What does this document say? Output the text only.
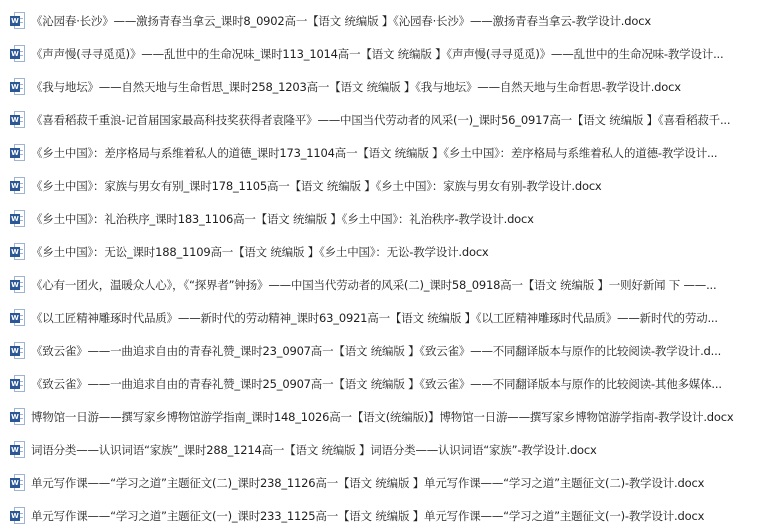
W 《沁园春·长沙》——激扬青春当拿云_课时8_0902高一【语文 统编版 】《沁园春·长沙》——激扬青春当拿云-教学设计.docx
W 《声声慢(寻寻觅觅)》——乱世中的生命况味_课时113_1014高一【语文 统编版 】《声声慢(寻寻觅觅)》——乱世中的生命况味-教学设计...
W 《我与地坛》——自然天地与生命哲思_课时258_1203高一【语文 统编版 】《我与地坛》——自然天地与生命哲思-教学设计.docx
W 《喜看稻菽千重浪-记首届国家最高科技奖获得者袁隆平》——中国当代劳动者的风采(一)_课时56_0917高一【语文 统编版 】《喜看稻菽千...
W 《乡土中国》：差序格局与系维着私人的道德_课时173_1104高一【语文 统编版 】《乡土中国》：差序格局与系维着私人的道德-教学设计...
W 《乡土中国》：家族与男女有别_课时178_1105高一【语文 统编版 】《乡土中国》：家族与男女有别-教学设计.docx
W 《乡土中国》：礼治秩序_课时183_1106高一【语文 统编版 】《乡土中国》：礼治秩序-教学设计.docx
W 《乡土中国》：无讼_课时188_1109高一【语文 统编版 】《乡土中国》：无讼-教学设计.docx
W 《心有一团火，温暖众人心》，《“探界者”钟扬》——中国当代劳动者的风采(二)_课时58_0918高一【语文 统编版 】一则好新闻 下 ——...
W 《以工匠精神雕琢时代品质》——新时代的劳动精神_课时63_0921高一【语文 统编版 】《以工匠精神雕琢时代品质》——新时代的劳动...
W 《致云雀》——一曲追求自由的青春礼赞_课时23_0907高一【语文 统编版 】《致云雀》——不同翻译版本与原作的比较阅读-教学设计.d...
W 《致云雀》——一曲追求自由的青春礼赞_课时25_0907高一【语文 统编版 】《致云雀》——不同翻译版本与原作的比较阅读-其他多媒体...
W 博物馆一日游——撰写家乡博物馆游学指南_课时148_1026高一【语文(统编版)】博物馆一日游——撰写家乡博物馆游学指南-教学设计.docx
W 词语分类——认识词语“家族”_课时288_1214高一【语文 统编版 】词语分类——认识词语“家族”-教学设计.docx
W 单元写作课——“学习之道”主题征文(二)_课时238_1126高一【语文 统编版 】单元写作课——“学习之道”主题征文(二)-教学设计.docx
W 单元写作课——“学习之道”主题征文(一)_课时233_1125高一【语文 统编版 】单元写作课——“学习之道”主题征文(一)-教学设计.docx
